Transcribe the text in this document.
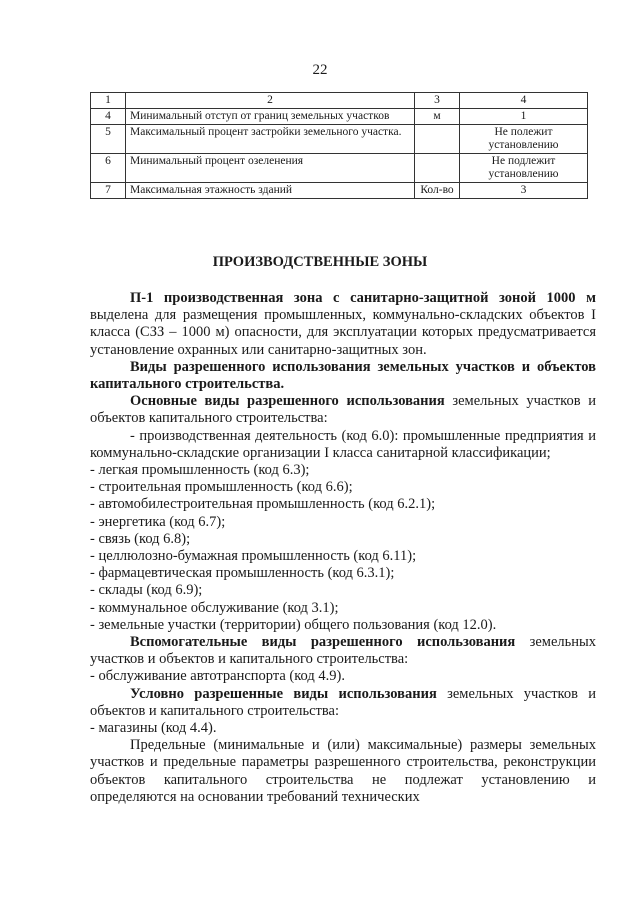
22
1	2	3	4
4	Минимальный отступ от границ земельных участков	м	1
5	Максимальный процент застройки земельного участка.		Не полежит установлению
6	Минимальный процент озеленения		Не подлежит установлению
7	Максимальная этажность зданий	Кол-во	3
ПРОИЗВОДСТВЕННЫЕ ЗОНЫ

П-1 производственная зона с санитарно-защитной зоной 1000 м выделена для размещения промышленных, коммунально-складских объектов I класса (СЗЗ – 1000 м) опасности, для эксплуатации которых предусматривается установление охранных или санитарно-защитных зон.

Виды разрешенного использования земельных участков и объектов капитального строительства.

Основные виды разрешенного использования земельных участков и объектов капитального строительства:

- производственная деятельность (код 6.0): промышленные предприятия и коммунально-складские организации I класса санитарной классификации;

- легкая промышленность (код 6.3);

- строительная промышленность (код 6.6);

- автомобилестроительная промышленность (код 6.2.1);

- энергетика (код 6.7);

- связь (код 6.8);

- целлюлозно-бумажная промышленность (код 6.11);

- фармацевтическая промышленность (код 6.3.1);

- склады (код 6.9);

- коммунальное обслуживание (код 3.1);

- земельные участки (территории) общего пользования (код 12.0).

Вспомогательные виды разрешенного использования земельных участков и объектов и капитального строительства:

- обслуживание автотранспорта (код 4.9).

Условно разрешенные виды использования земельных участков и объектов и капитального строительства:

- магазины (код 4.4).

Предельные (минимальные и (или) максимальные) размеры земельных участков и предельные параметры разрешенного строительства, реконструкции объектов капитального строительства не подлежат установлению и определяются на основании требований технических
